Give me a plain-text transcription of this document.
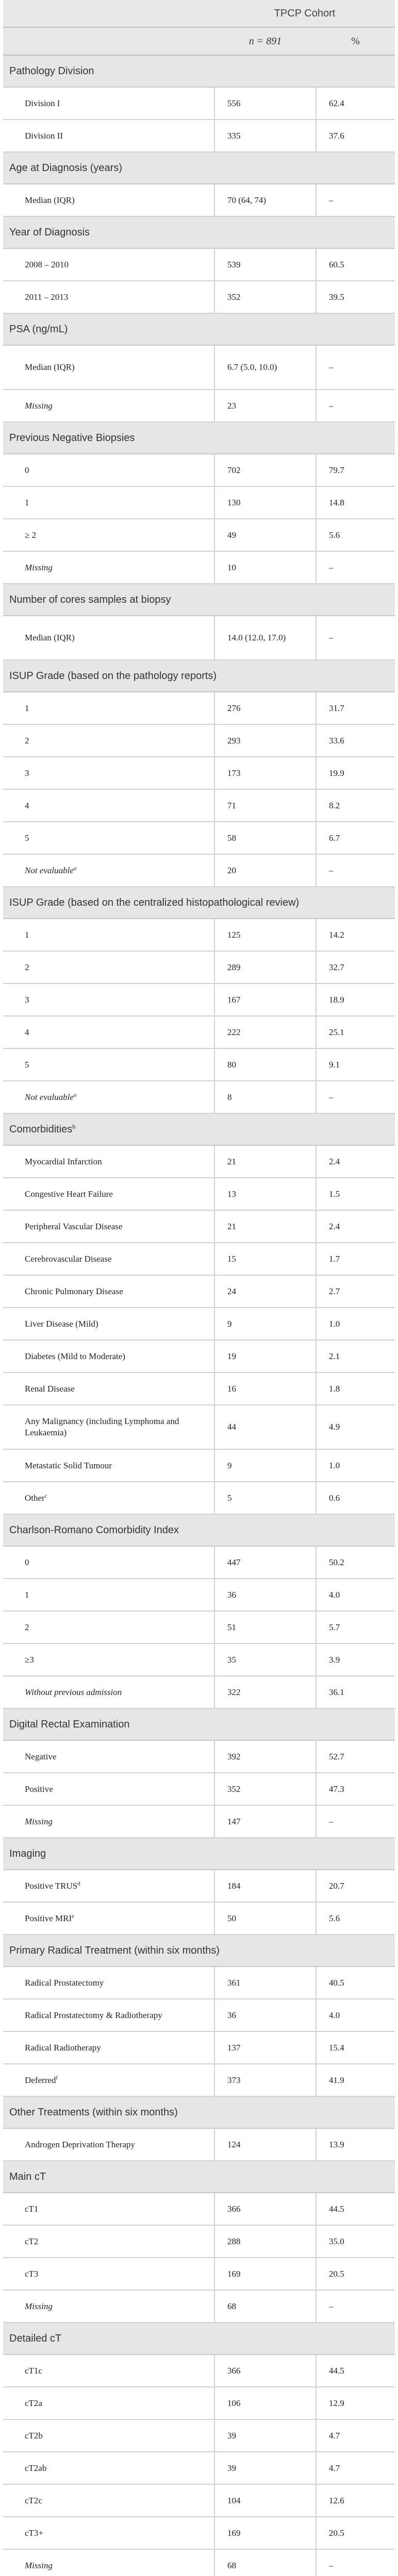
	TPCP Cohort	
	n = 891	%
Pathology Division		
Division I	556	62.4
Division II	335	37.6
Age at Diagnosis (years)		
Median (IQR)	70 (64, 74)	–
Year of Diagnosis		
2008 – 2010	539	60.5
2011 – 2013	352	39.5
PSA (ng/mL)		
Median (IQR)	6.7 (5.0, 10.0)	–
Missing	23	–
Previous Negative Biopsies		
0	702	79.7
1	130	14.8
≥ 2	49	5.6
Missing	10	–
Number of cores samples at biopsy		
Median (IQR)	14.0 (12.0, 17.0)	–
ISUP Grade (based on the pathology reports)		
1	276	31.7
2	293	33.6
3	173	19.9
4	71	8.2
5	58	6.7
Not evaluable$^a$	20	–
ISUP Grade (based on the centralized histopathological review)		
1	125	14.2
2	289	32.7
3	167	18.9
4	222	25.1
5	80	9.1
Not evaluable$^a$	8	–
Comorbidities$^b$
Myocardial Infarction	21	2.4
Congestive Heart Failure	13	1.5
Peripheral Vascular Disease	21	2.4
Cerebrovascular Disease	15	1.7
Chronic Pulmonary Disease	24	2.7
Liver Disease (Mild)	9	1.0
Diabetes (Mild to Moderate)	19	2.1
Renal Disease	16	1.8
Any Malignancy (including Lymphoma and Leukaemia)	44	4.9
Metastatic Solid Tumour	9	1.0
Other$^c$	5	0.6
Charlson-Romano Comorbidity Index		
0	447	50.2
1	36	4.0
2	51	5.7
≥3	35	3.9
Without previous admission	322	36.1
Digital Rectal Examination		
Negative	392	52.7
Positive	352	47.3
Missing	147	–
Imaging		
Positive TRUS$^d$	184	20.7
Positive MRI$^e$	50	5.6
Primary Radical Treatment (within six months)		
Radical Prostatectomy	361	40.5
Radical Prostatectomy & Radiotherapy	36	4.0
Radical Radiotherapy	137	15.4
Deferred$^f$	373	41.9
Other Treatments (within six months)		
Androgen Deprivation Therapy	124	13.9
Main cT		
cT1	366	44.5
cT2	288	35.0
cT3	169	20.5
Missing	68	–
Detailed cT		
cT1c	366	44.5
cT2a	106	12.9
cT2b	39	4.7
cT2ab	39	4.7
cT2c	104	12.6
cT3+	169	20.5
Missing	68	–
